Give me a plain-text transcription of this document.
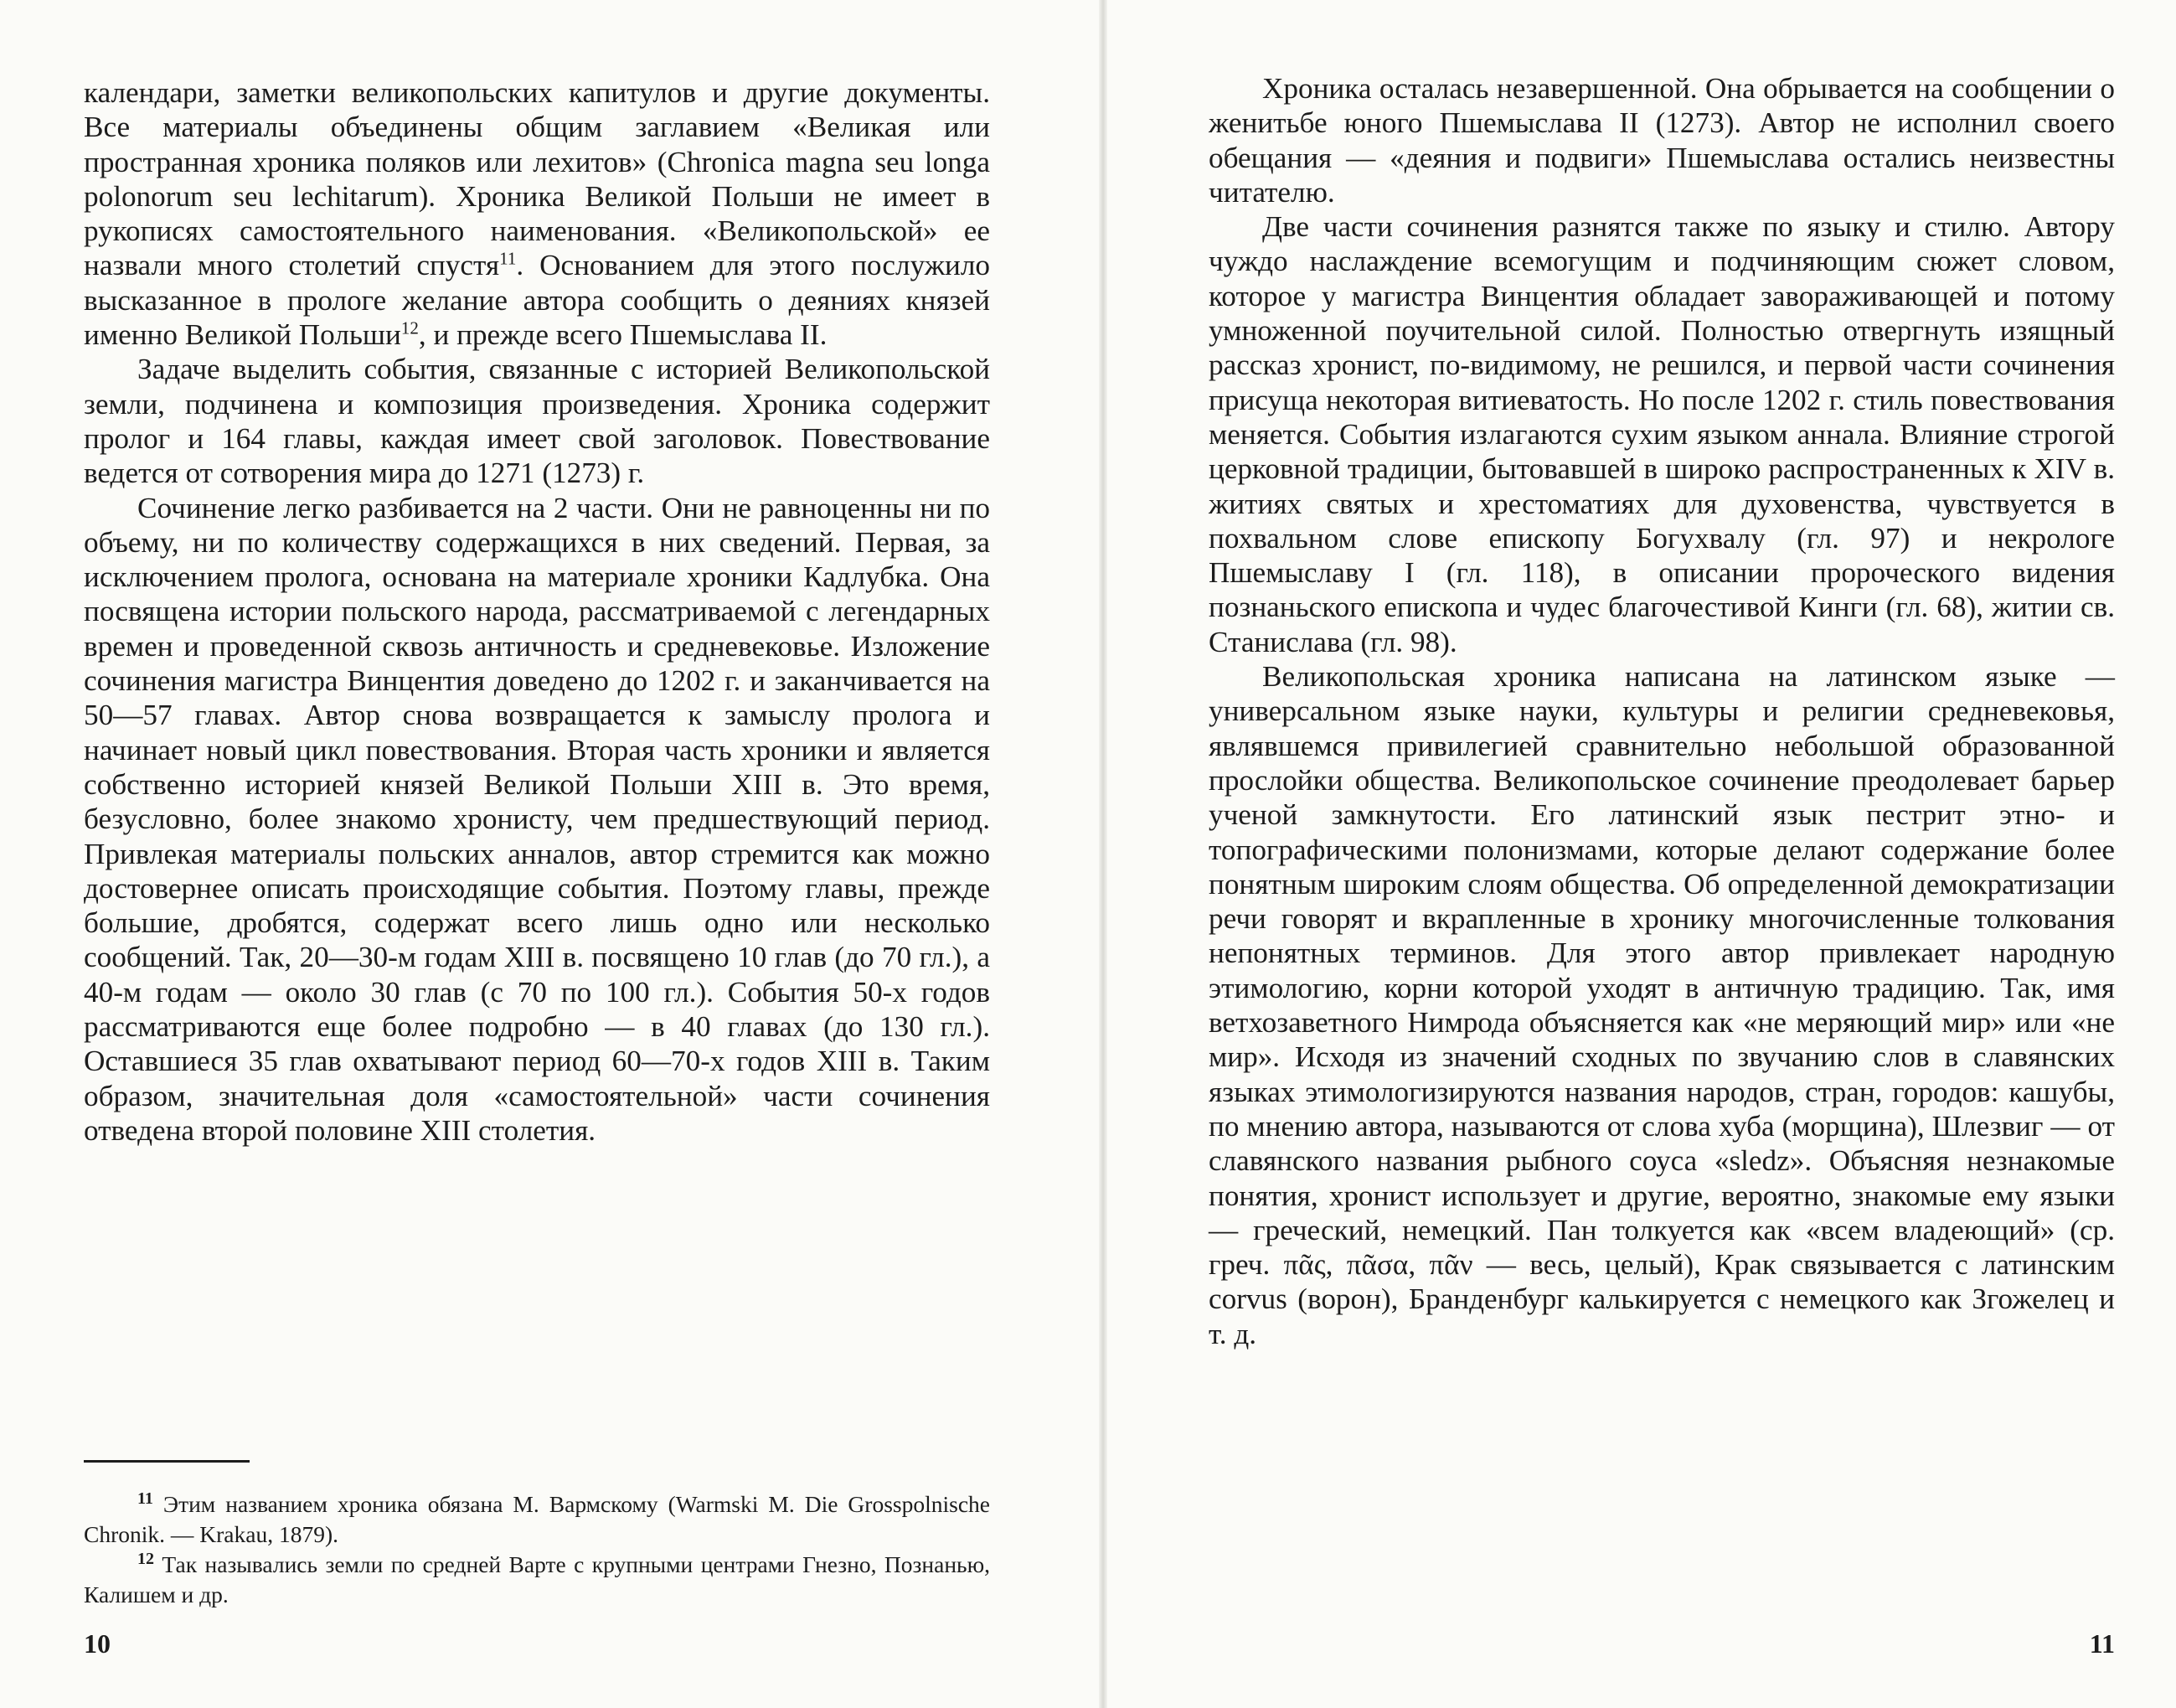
календари, заметки великопольских капитулов и другие документы. Все материалы объединены общим заглавием «Великая или пространная хроника поляков или лехитов» (Chronica magna seu longa polonorum seu lechitarum). Хроника Великой Польши не имеет в рукописях самостоятельного наименования. «Великопольской» ее назвали много столетий спустя$^{11}$. Основанием для этого послужило высказанное в прологе желание автора сообщить о деяниях князей именно Великой Польши$^{12}$, и прежде всего Пшемыслава II.

Задаче выделить события, связанные с историей Великопольской земли, подчинена и композиция произведения. Хроника содержит пролог и 164 главы, каждая имеет свой заголовок. Повествование ведется от сотворения мира до 1271 (1273) г.

Сочинение легко разбивается на 2 части. Они не равноценны ни по объему, ни по количеству содержащихся в них сведений. Первая, за исключением пролога, основана на материале хроники Кадлубка. Она посвящена истории польского народа, рассматриваемой с легендарных времен и проведенной сквозь античность и средневековье. Изложение сочинения магистра Винцентия доведено до 1202 г. и заканчивается на 50—57 главах. Автор снова возвращается к замыслу пролога и начинает новый цикл повествования. Вторая часть хроники и является собственно историей князей Великой Польши XIII в. Это время, безусловно, более знакомо хронисту, чем предшествующий период. Привлекая материалы польских анналов, автор стремится как можно достовернее описать происходящие события. Поэтому главы, прежде большие, дробятся, содержат всего лишь одно или несколько сообщений. Так, 20—30-м годам XIII в. посвящено 10 глав (до 70 гл.), а 40-м годам — около 30 глав (с 70 по 100 гл.). События 50-х годов рассматриваются еще более подробно — в 40 главах (до 130 гл.). Оставшиеся 35 глав охватывают период 60—70-х годов XIII в. Таким образом, значительная доля «самостоятельной» части сочинения отведена второй половине XIII столетия.

$^{11}$ Этим названием хроника обязана М. Вармскому (Warmski M. Die Grosspolnische Chronik. — Krakau, 1879).

$^{12}$ Так назывались земли по средней Варте с крупными центрами Гнезно, Познанью, Калишем и др.

10

Хроника осталась незавершенной. Она обрывается на сообщении о женитьбе юного Пшемыслава II (1273). Автор не исполнил своего обещания — «деяния и подвиги» Пшемыслава остались неизвестны читателю.

Две части сочинения разнятся также по языку и стилю. Автору чуждо наслаждение всемогущим и подчиняющим сюжет словом, которое у магистра Винцентия обладает завораживающей и потому умноженной поучительной силой. Полностью отвергнуть изящный рассказ хронист, по-видимому, не решился, и первой части сочинения присуща некоторая витиеватость. Но после 1202 г. стиль повествования меняется. События излагаются сухим языком анналa. Влияние строгой церковной традиции, бытовавшей в широко распространенных к XIV в. житиях святых и хрестоматиях для духовенства, чувствуется в похвальном слове епископу Богухвалу (гл. 97) и некрологе Пшемыславу I (гл. 118), в описании пророческого видения познаньского епископа и чудес благочестивой Кинги (гл. 68), житии св. Станислава (гл. 98).

Великопольская хроника написана на латинском языке — универсальном языке науки, культуры и религии средневековья, являвшемся привилегией сравнительно небольшой образованной прослойки общества. Великопольское сочинение преодолевает барьер ученой замкнутости. Его латинский язык пестрит этно- и топографическими полонизмами, которые делают содержание более понятным широким слоям общества. Об определенной демократизации речи говорят и вкрапленные в хронику многочисленные толкования непонятных терминов. Для этого автор привлекает народную этимологию, корни которой уходят в античную традицию. Так, имя ветхозаветного Нимрода объясняется как «не меряющий мир» или «не мир». Исходя из значений сходных по звучанию слов в славянских языках этимологизируются названия народов, стран, городов: кашубы, по мнению автора, называются от слова хуба (морщина), Шлезвиг — от славянского названия рыбного соуса «sledz». Объясняя незнакомые понятия, хронист использует и другие, вероятно, знакомые ему языки — греческий, немецкий. Пан толкуется как «всем владеющий» (ср. греч. πᾶς, πᾶσα, πᾶν — весь, целый), Крак связывается с латинским corvus (ворон), Бранденбург калькируется с немецкого как Згожелец и т. д.

11
